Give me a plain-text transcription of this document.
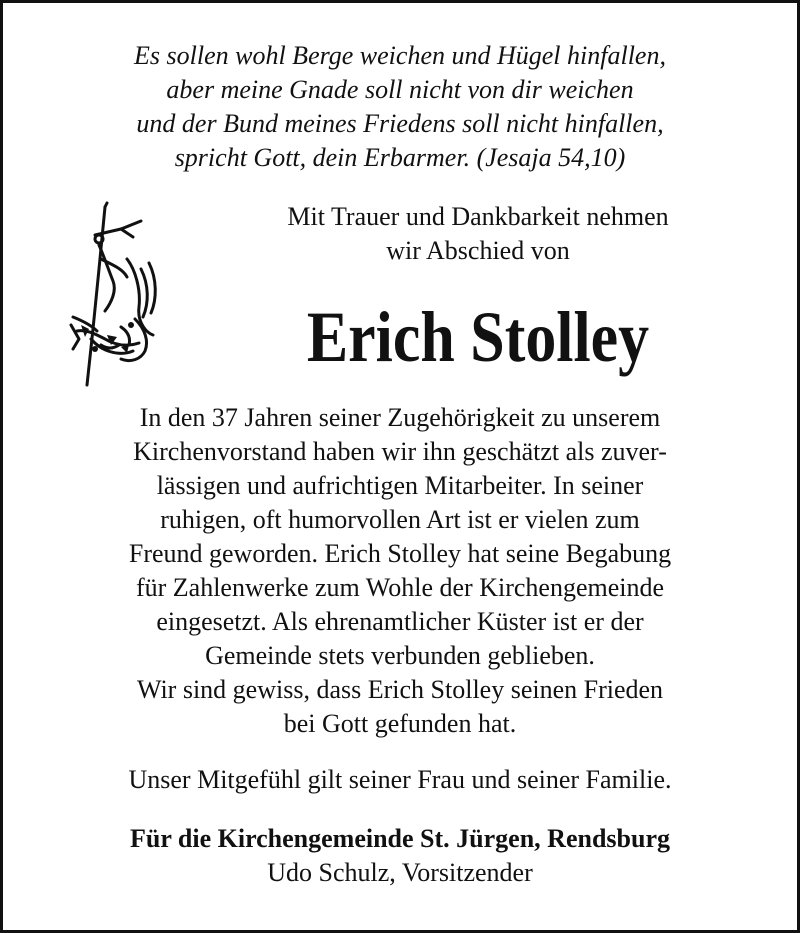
Es sollen wohl Berge weichen und Hügel hinfallen,
aber meine Gnade soll nicht von dir weichen
und der Bund meines Friedens soll nicht hinfallen,
spricht Gott, dein Erbarmer. (Jesaja 54,10)
Mit Trauer und Dankbarkeit nehmen
wir Abschied von
Erich Stolley
In den 37 Jahren seiner Zugehörigkeit zu unserem
Kirchenvorstand haben wir ihn geschätzt als zuver-
lässigen und aufrichtigen Mitarbeiter. In seiner
ruhigen, oft humorvollen Art ist er vielen zum
Freund geworden. Erich Stolley hat seine Begabung
für Zahlenwerke zum Wohle der Kirchengemeinde
eingesetzt. Als ehrenamtlicher Küster ist er der
Gemeinde stets verbunden geblieben.
Wir sind gewiss, dass Erich Stolley seinen Frieden
bei Gott gefunden hat.
Unser Mitgefühl gilt seiner Frau und seiner Familie.
Für die Kirchengemeinde St. Jürgen, Rendsburg
Udo Schulz, Vorsitzender
